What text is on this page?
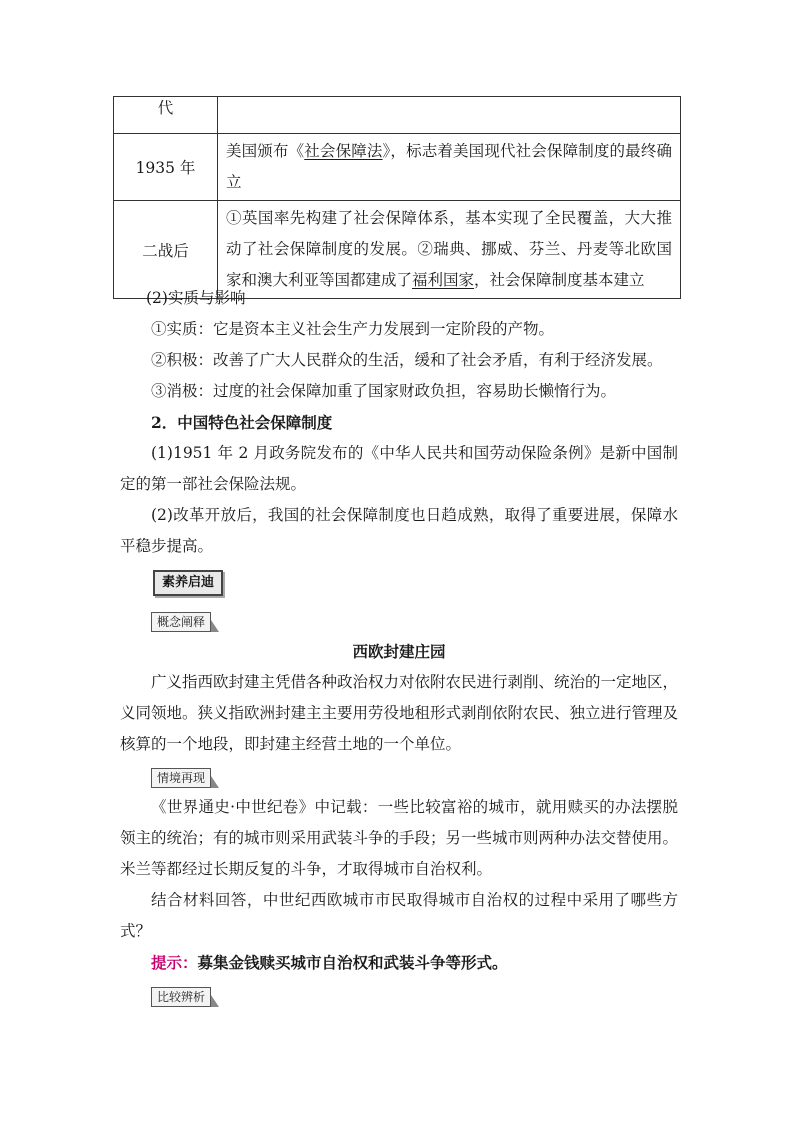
代	
1935 年	美国颁布《社会保障法》，标志着美国现代社会保障制度的最终确立
二战后	①英国率先构建了社会保障体系，基本实现了全民覆盖，大大推动了社会保障制度的发展。②瑞典、挪威、芬兰、丹麦等北欧国家和澳大利亚等国都建成了福利国家，社会保障制度基本建立

(2)实质与影响

①实质：它是资本主义社会生产力发展到一定阶段的产物。

②积极：改善了广大人民群众的生活，缓和了社会矛盾，有利于经济发展。

③消极：过度的社会保障加重了国家财政负担，容易助长懒惰行为。

2．中国特色社会保障制度

(1)1951 年 2 月政务院发布的《中华人民共和国劳动保险条例》是新中国制定的第一部社会保险法规。

(2)改革开放后，我国的社会保障制度也日趋成熟，取得了重要进展，保障水平稳步提高。

素养启迪
概念阐释

西欧封建庄园

广义指西欧封建主凭借各种政治权力对依附农民进行剥削、统治的一定地区，义同领地。狭义指欧洲封建主主要用劳役地租形式剥削依附农民、独立进行管理及核算的一个地段，即封建主经营土地的一个单位。

情境再现

《世界通史·中世纪卷》中记载：一些比较富裕的城市，就用赎买的办法摆脱领主的统治；有的城市则采用武装斗争的手段；另一些城市则两种办法交替使用。米兰等都经过长期反复的斗争，才取得城市自治权利。

结合材料回答，中世纪西欧城市市民取得城市自治权的过程中采用了哪些方式？

提示：募集金钱赎买城市自治权和武装斗争等形式。

比较辨析
